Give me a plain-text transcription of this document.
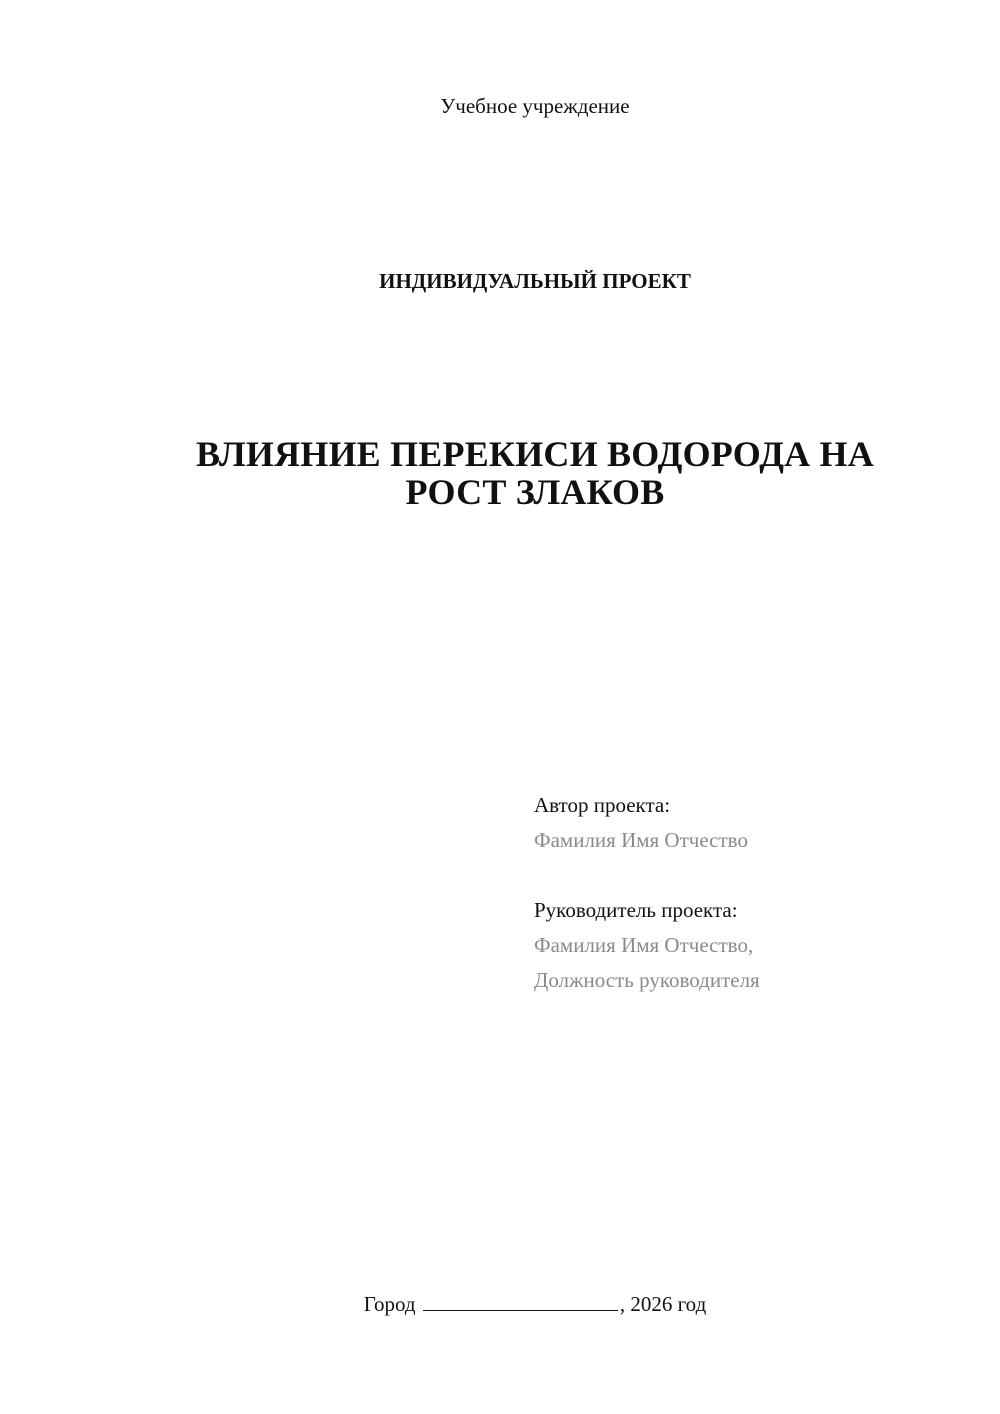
Учебное учреждение
ИНДИВИДУАЛЬНЫЙ ПРОЕКТ
ВЛИЯНИЕ ПЕРЕКИСИ ВОДОРОДА НА
РОСТ ЗЛАКОВ
Автор проекта:
Фамилия Имя Отчество
Руководитель проекта:
Фамилия Имя Отчество,
Должность руководителя
Город	, 2026 год
